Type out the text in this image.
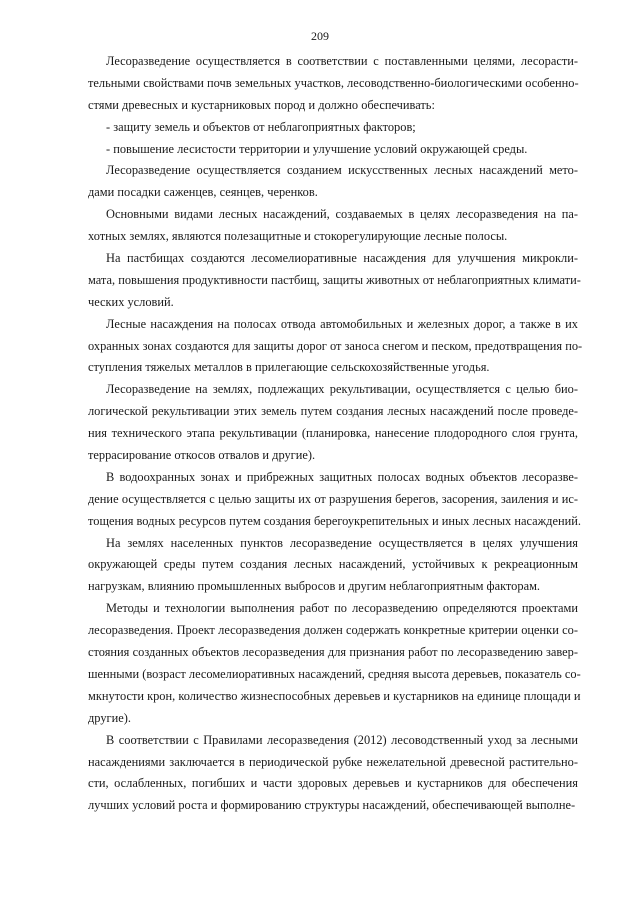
209
Лесоразведение осуществляется в соответствии с поставленными целями, лесорасти-
тельными свойствами почв земельных участков, лесоводственно-биологическими особенно-
стями древесных и кустарниковых пород и должно обеспечивать:
- защиту земель и объектов от неблагоприятных факторов;
- повышение лесистости территории и улучшение условий окружающей среды.
Лесоразведение осуществляется созданием искусственных лесных насаждений мето-
дами посадки саженцев, сеянцев, черенков.
Основными видами лесных насаждений, создаваемых в целях лесоразведения на па-
хотных землях, являются полезащитные и стокорегулирующие лесные полосы.
На пастбищах создаются лесомелиоративные насаждения для улучшения микрокли-
мата, повышения продуктивности пастбищ, защиты животных от неблагоприятных климати-
ческих условий.
Лесные насаждения на полосах отвода автомобильных и железных дорог, а также в их
охранных зонах создаются для защиты дорог от заноса снегом и песком, предотвращения по-
ступления тяжелых металлов в прилегающие сельскохозяйственные угодья.
Лесоразведение на землях, подлежащих рекультивации, осуществляется с целью био-
логической рекультивации этих земель путем создания лесных насаждений после проведе-
ния технического этапа рекультивации (планировка, нанесение плодородного слоя грунта,
террасирование откосов отвалов и другие).
В водоохранных зонах и прибрежных защитных полосах водных объектов лесоразве-
дение осуществляется с целью защиты их от разрушения берегов, засорения, заиления и ис-
тощения водных ресурсов путем создания берегоукрепительных и иных лесных насаждений.
На землях населенных пунктов лесоразведение осуществляется в целях улучшения
окружающей среды путем создания лесных насаждений, устойчивых к рекреационным
нагрузкам, влиянию промышленных выбросов и другим неблагоприятным факторам.
Методы и технологии выполнения работ по лесоразведению определяются проектами
лесоразведения. Проект лесоразведения должен содержать конкретные критерии оценки со-
стояния созданных объектов лесоразведения для признания работ по лесоразведению завер-
шенными (возраст лесомелиоративных насаждений, средняя высота деревьев, показатель со-
мкнутости крон, количество жизнеспособных деревьев и кустарников на единице площади и
другие).
В соответствии с Правилами лесоразведения (2012) лесоводственный уход за лесными
насаждениями заключается в периодической рубке нежелательной древесной растительно-
сти, ослабленных, погибших и части здоровых деревьев и кустарников для обеспечения
лучших условий роста и формированию структуры насаждений, обеспечивающей выполне-
